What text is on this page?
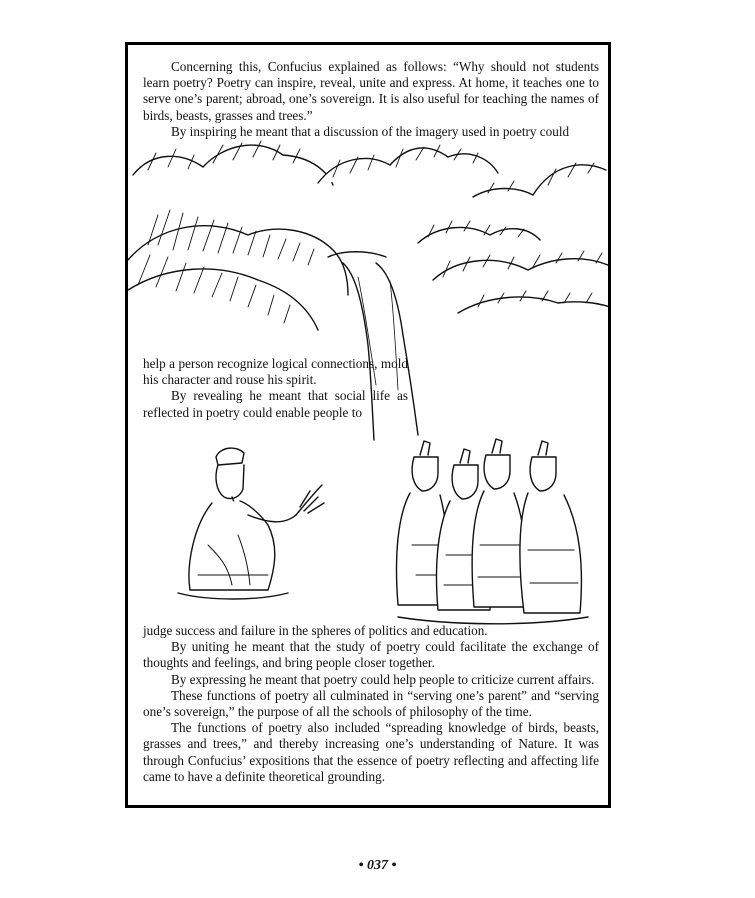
Concerning this, Confucius explained as follows: “Why should not students learn poetry? Poetry can inspire, reveal, unite and express. At home, it teaches one to serve one’s parent; abroad, one’s sovereign. It is also useful for teaching the names of birds, beasts, grasses and trees.”

By inspiring he meant that a discussion of the imagery used in poetry could

help a person recognize logical connections, mold his character and rouse his spirit.

By revealing he meant that social life as reflected in poetry could enable people to

judge success and failure in the spheres of politics and education.

By uniting he meant that the study of poetry could facilitate the exchange of thoughts and feelings, and bring people closer together.

By expressing he meant that poetry could help people to criticize current affairs.

These functions of poetry all culminated in “serving one’s parent” and “serving one’s sovereign,” the purpose of all the schools of philosophy of the time.

The functions of poetry also included “spreading knowledge of birds, beasts, grasses and trees,” and thereby increasing one’s understanding of Nature. It was through Confucius’ expositions that the essence of poetry reflecting and affecting life came to have a definite theoretical grounding.

• 037 •
